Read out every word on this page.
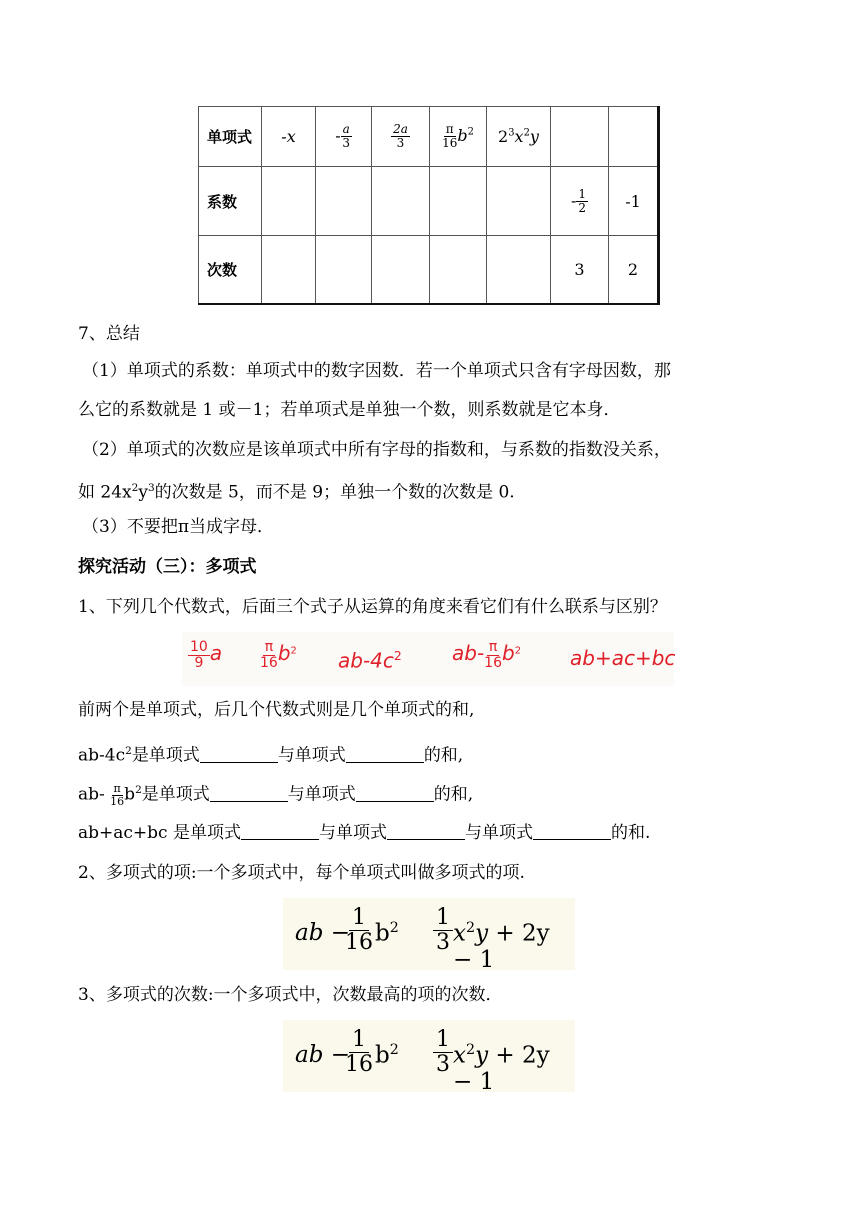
单项式	-x	- $\frac{a}{3}$	$\frac{2a}{3}$	$\frac{\pi}{16} b^2$	$2^3x^2y$		
系数						- $\frac{1}{2}$	-1
次数						3	2
7、总结
（1）单项式的系数：单项式中的数字因数．若一个单项式只含有字母因数，那
么它的系数就是 1 或－1；若单项式是单独一个数，则系数就是它本身．
（2）单项式的次数应是该单项式中所有字母的指数和，与系数的指数没关系，
如 $24x^2y^3$的次数是 5，而不是 9；单独一个数的次数是 0.
（3）不要把π当成字母．
探究活动（三）：多项式
1、下列几个代数式，后面三个式子从运算的角度来看它们有什么联系与区别？
$\frac{10}{9}$ a	$\frac{\pi}{16} b^2$ $ab-4c^2$	$ab- \frac{\pi}{16} b^2$ ab+ac+bc
前两个是单项式，后几个代数式则是几个单项式的和,
$ab-4c^2$是单项式	与单项式	的和,
$ab- \frac{\pi}{16} b^2$是单项式	与单项式	的和,
ab+ac+bc 是单项式	与单项式	与单项式	的和.
2、多项式的项:一个多项式中，每个单项式叫做多项式的项.
ab −
$\frac{1}{16} b^2 \frac{1}{3} x^2y + 2y - 1$
3、多项式的次数:一个多项式中，次数最高的项的次数．
ab −
$\frac{1}{16} b^2 \frac{1}{3} x^2y + 2y - 1$
